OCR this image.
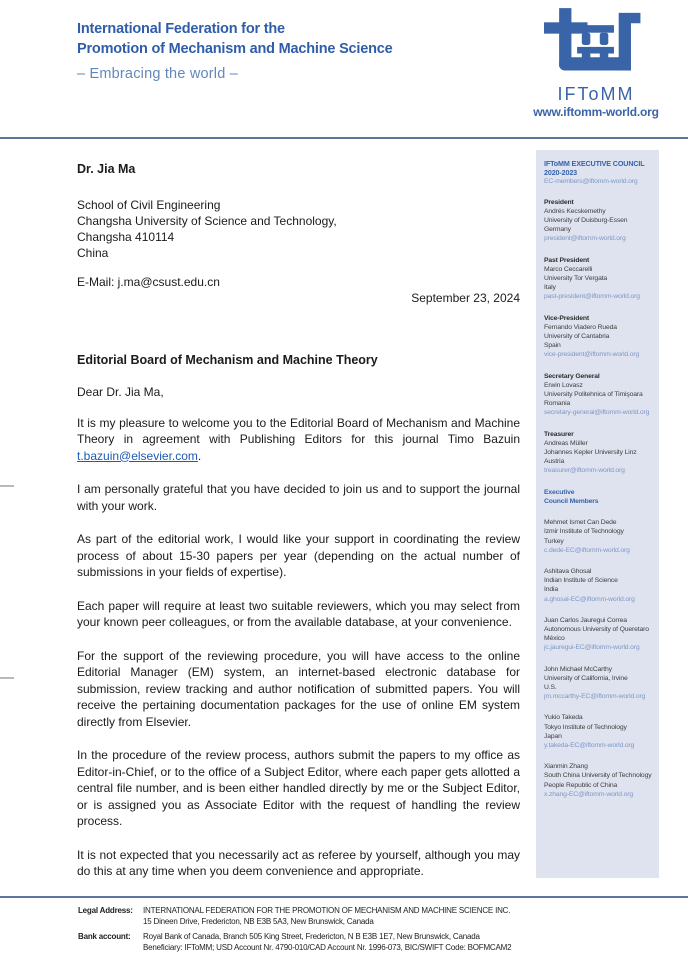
International Federation for the
Promotion of Mechanism and Machine Science
– Embracing the world –
IFToMM
www.iftomm-world.org
Dr. Jia Ma
School of Civil Engineering
Changsha University of Science and Technology,
Changsha 410114
China
E-Mail: j.ma@csust.edu.cn
September 23, 2024
Editorial Board of Mechanism and Machine Theory
Dear Dr. Jia Ma,

It is my pleasure to welcome you to the Editorial Board of Mechanism and Machine Theory in agreement with Publishing Editors for this journal Timo Bazuin t.bazuin@elsevier.com.

I am personally grateful that you have decided to join us and to support the journal with your work.

As part of the editorial work, I would like your support in coordinating the review process of about 15-30 papers per year (depending on the actual number of submissions in your fields of expertise).

Each paper will require at least two suitable reviewers, which you may select from your known peer colleagues, or from the available database, at your convenience.

For the support of the reviewing procedure, you will have access to the online Editorial Manager (EM) system, an internet-based electronic database for submission, review tracking and author notification of submitted papers. You will receive the pertaining documentation packages for the use of online EM system directly from Elsevier.

In the procedure of the review process, authors submit the papers to my office as Editor-in-Chief, or to the office of a Subject Editor, where each paper gets allotted a central file number, and is been either handled directly by me or the Subject Editor, or is assigned you as Associate Editor with the request of handling the review process.

It is not expected that you necessarily act as referee by yourself, although you may do this at any time when you deem convenience and appropriate.

IFToMM EXECUTIVE COUNCIL
2020-2023
EC-members@iftomm-world.org
President
Andrés Kecskemethy
University of Duisburg-Essen
Germany
president@iftomm-world.org
Past President
Marco Ceccarelli
University Tor Vergata
Italy
past-president@iftomm-world.org
Vice-President
Fernando Viadero Rueda
University of Cantabria
Spain
vice-president@iftomm-world.org
Secretary General
Erwin Lovasz
University Politehnica of Timişoara
Romania
secretary-general@iftomm-world.org
Treasurer
Andreas Müller
Johannes Kepler University Linz
Austria
treasurer@iftomm-world.org
Executive
Council Members
Mehmet Ismet Can Dede
Izmir Institute of Technology
Turkey
c.dede-EC@iftomm-world.org
Ashitava Ghosal
Indian Institute of Science
India
a.ghosal-EC@iftomm-world.org
Juan Carlos Jauregui Correa
Autonomous University of Queretaro
México
jc.jauregui-EC@iftomm-world.org
John Michael McCarthy
University of California, Irvine
U.S.
jm.mccarthy-EC@iftomm-world.org
Yukio Takeda
Tokyo Institute of Technology
Japan
y.takeda-EC@iftomm-world.org
Xianmin Zhang
South China University of Technology
People Republic of China
x.zhang-EC@iftomm-world.org
Legal Address: INTERNATIONAL FEDERATION FOR THE PROMOTION OF MECHANISM AND MACHINE SCIENCE INC.
15 Dineen Drive, Fredericton, NB E3B 5A3, New Brunswick, Canada
Bank account:	Royal Bank of Canada, Branch 505 King Street, Fredericton, N B E3B 1E7, New Brunswick, Canada
Beneficiary: IFToMM; USD Account Nr. 4790-010/CAD Account Nr. 1996-073, BIC/SWIFT Code: BOFMCAM2
